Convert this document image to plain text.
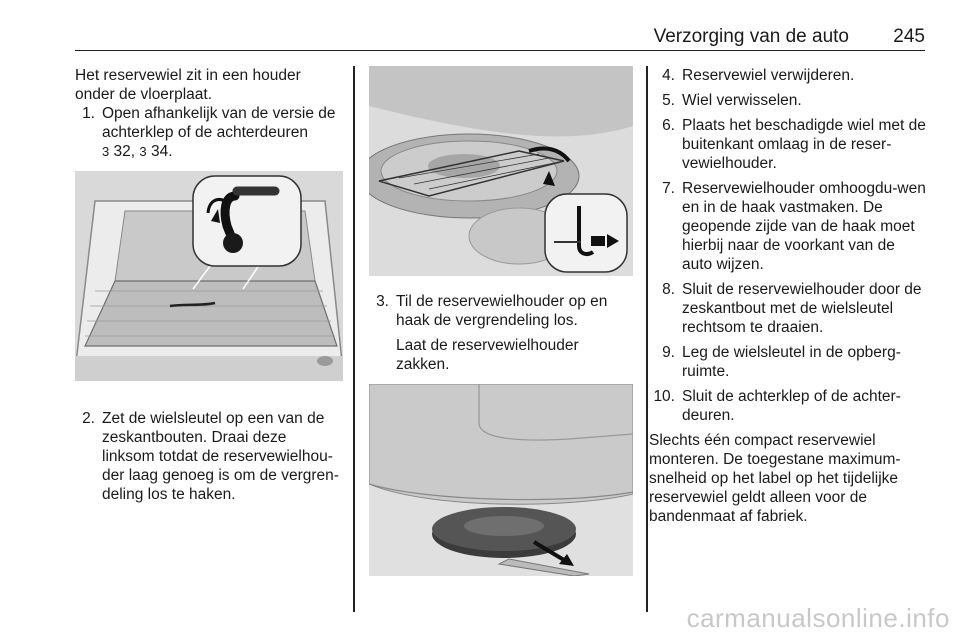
Verzorging van de auto 245

Het reservewiel zit in een houder onder de vloerplaat.

1. Open afhankelijk van de versie de achterklep of de achterdeuren
3 32, 3 34.
2. Zet de wielsleutel op een van de zeskantbouten. Draai deze linksom totdat de reservewielhou‐der laag genoeg is om de vergren‐deling los te haken.
3. Til de reservewielhouder op en haak de vergrendeling los.
Laat de reservewielhouder zakken.
4. Reservewiel verwijderen.
5. Wiel verwisselen.
6. Plaats het beschadigde wiel met de buitenkant omlaag in de reser‐vewielhouder.
7. Reservewielhouder omhoogdu‐wen en in de haak vastmaken. De geopende zijde van de haak moet hierbij naar de voorkant van de auto wijzen.
8. Sluit de reservewielhouder door de zeskantbout met de wielsleutel rechtsom te draaien.
9. Leg de wielsleutel in de opberg‐ruimte.
10. Sluit de achterklep of de achter‐deuren.

Slechts één compact reservewiel monteren. De toegestane maximum‐snelheid op het label op het tijdelijke reservewiel geldt alleen voor de bandenmaat af fabriek.

carmanualsonline.info
